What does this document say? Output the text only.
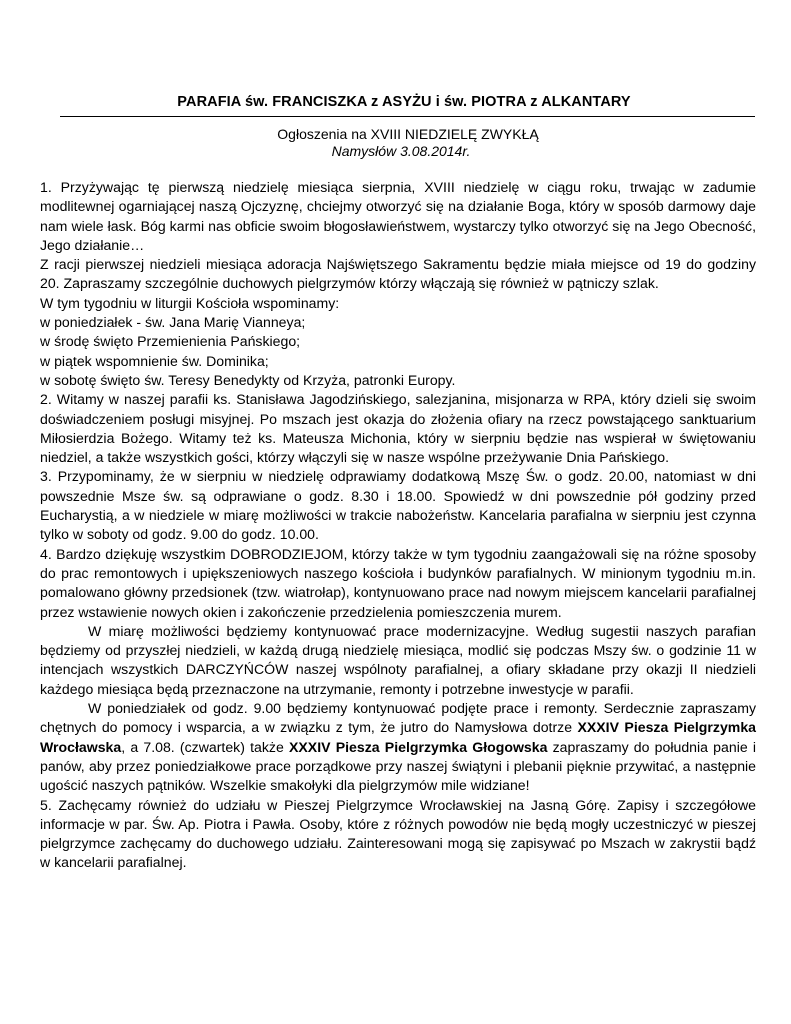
PARAFIA św. FRANCISZKA z ASYŻU i św. PIOTRA z ALKANTARY
Ogłoszenia na XVIII NIEDZIELĘ ZWYKŁĄ
Namysłów 3.08.2014r.

1. Przyżywając tę pierwszą niedzielę miesiąca sierpnia, XVIII niedzielę w ciągu roku, trwając w zadumie modlitewnej ogarniającej naszą Ojczyznę, chciejmy otworzyć się na działanie Boga, który w sposób darmowy daje nam wiele łask. Bóg karmi nas obficie swoim błogosławieństwem, wystarczy tylko otworzyć się na Jego Obecność, Jego działanie…

Z racji pierwszej niedzieli miesiąca adoracja Najświętszego Sakramentu będzie miała miejsce od 19 do godziny 20. Zapraszamy szczególnie duchowych pielgrzymów którzy włączają się również w pątniczy szlak.

W tym tygodniu w liturgii Kościoła wspominamy:

w poniedziałek - św. Jana Marię Vianneya;

w środę święto Przemienienia Pańskiego;

w piątek wspomnienie św. Dominika;

w sobotę święto św. Teresy Benedykty od Krzyża, patronki Europy.

2. Witamy w naszej parafii ks. Stanisława Jagodzińskiego, salezjanina, misjonarza w RPA, który dzieli się swoim doświadczeniem posługi misyjnej. Po mszach jest okazja do złożenia ofiary na rzecz powstającego sanktuarium Miłosierdzia Bożego. Witamy też ks. Mateusza Michonia, który w sierpniu będzie nas wspierał w świętowaniu niedziel, a także wszystkich gości, którzy włączyli się w nasze wspólne przeżywanie Dnia Pańskiego.

3. Przypominamy, że w sierpniu w niedzielę odprawiamy dodatkową Mszę Św. o godz. 20.00, natomiast w dni powszednie Msze św. są odprawiane o godz. 8.30 i 18.00. Spowiedź w dni powszednie pół godziny przed Eucharystią, a w niedziele w miarę możliwości w trakcie nabożeństw. Kancelaria parafialna w sierpniu jest czynna tylko w soboty od godz. 9.00 do godz. 10.00.

4. Bardzo dziękuję wszystkim DOBRODZIEJOM, którzy także w tym tygodniu zaangażowali się na różne sposoby do prac remontowych i upiększeniowych naszego kościoła i budynków parafialnych. W minionym tygodniu m.in. pomalowano główny przedsionek (tzw. wiatrołap), kontynuowano prace nad nowym miejscem kancelarii parafialnej przez wstawienie nowych okien i zakończenie przedzielenia pomieszczenia murem.

W miarę możliwości będziemy kontynuować prace modernizacyjne. Według sugestii naszych parafian będziemy od przyszłej niedzieli, w każdą drugą niedzielę miesiąca, modlić się podczas Mszy św. o godzinie 11 w intencjach wszystkich DARCZYŃCÓW naszej wspólnoty parafialnej, a ofiary składane przy okazji II niedzieli każdego miesiąca będą przeznaczone na utrzymanie, remonty i potrzebne inwestycje w parafii.

W poniedziałek od godz. 9.00 będziemy kontynuować podjęte prace i remonty. Serdecznie zapraszamy chętnych do pomocy i wsparcia, a w związku z tym, że jutro do Namysłowa dotrze XXXIV Piesza Pielgrzymka Wrocławska, a 7.08. (czwartek) także XXXIV Piesza Pielgrzymka Głogowska zapraszamy do południa panie i panów, aby przez poniedziałkowe prace porządkowe przy naszej świątyni i plebanii pięknie przywitać, a następnie ugościć naszych pątników. Wszelkie smakołyki dla pielgrzymów mile widziane!

5. Zachęcamy również do udziału w Pieszej Pielgrzymce Wrocławskiej na Jasną Górę. Zapisy i szczegółowe informacje w par. Św. Ap. Piotra i Pawła. Osoby, które z różnych powodów nie będą mogły uczestniczyć w pieszej pielgrzymce zachęcamy do duchowego udziału. Zainteresowani mogą się zapisywać po Mszach w zakrystii bądź w kancelarii parafialnej.
